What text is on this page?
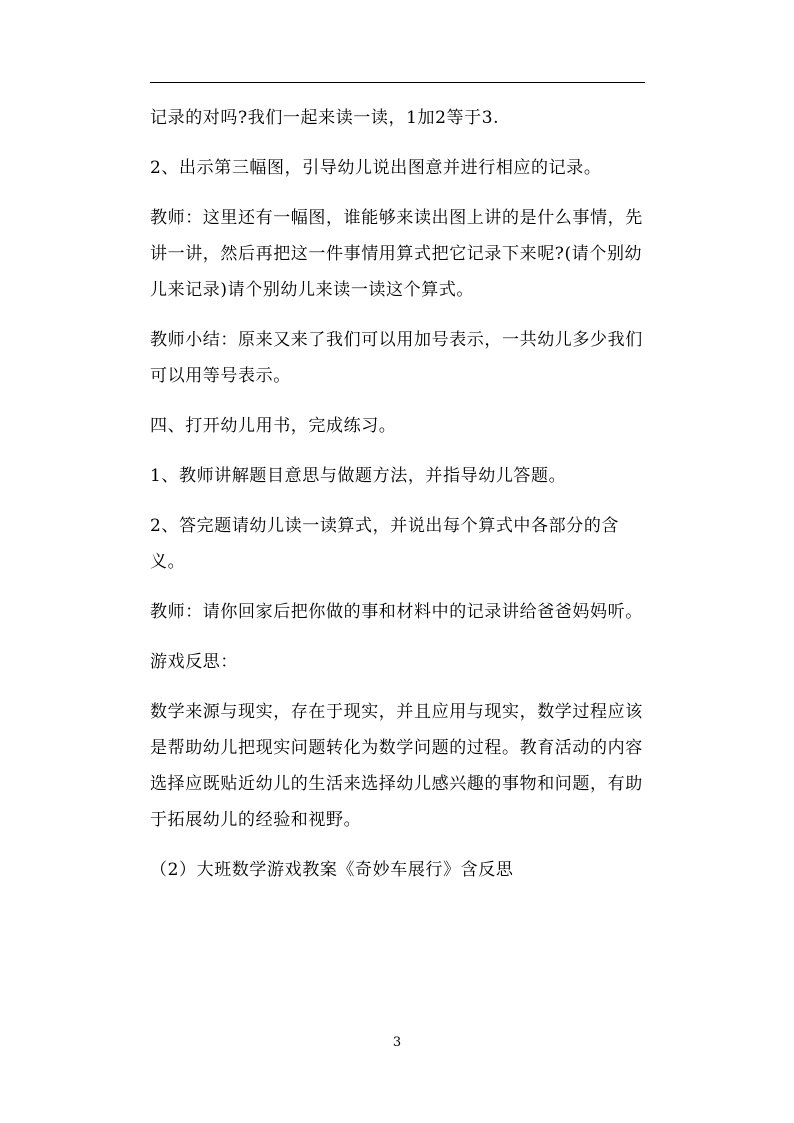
记录的对吗?我们一起来读一读，1加2等于3.

2、出示第三幅图，引导幼儿说出图意并进行相应的记录。

教师：这里还有一幅图，谁能够来读出图上讲的是什么事情，先讲一讲，然后再把这一件事情用算式把它记录下来呢?(请个别幼儿来记录)请个别幼儿来读一读这个算式。

教师小结：原来又来了我们可以用加号表示，一共幼儿多少我们可以用等号表示。

四、打开幼儿用书，完成练习。

1、教师讲解题目意思与做题方法，并指导幼儿答题。

2、答完题请幼儿读一读算式，并说出每个算式中各部分的含义。

教师：请你回家后把你做的事和材料中的记录讲给爸爸妈妈听。

游戏反思：

数学来源与现实，存在于现实，并且应用与现实，数学过程应该是帮助幼儿把现实问题转化为数学问题的过程。教育活动的内容选择应既贴近幼儿的生活来选择幼儿感兴趣的事物和问题，有助于拓展幼儿的经验和视野。

（2）大班数学游戏教案《奇妙车展行》含反思

3
